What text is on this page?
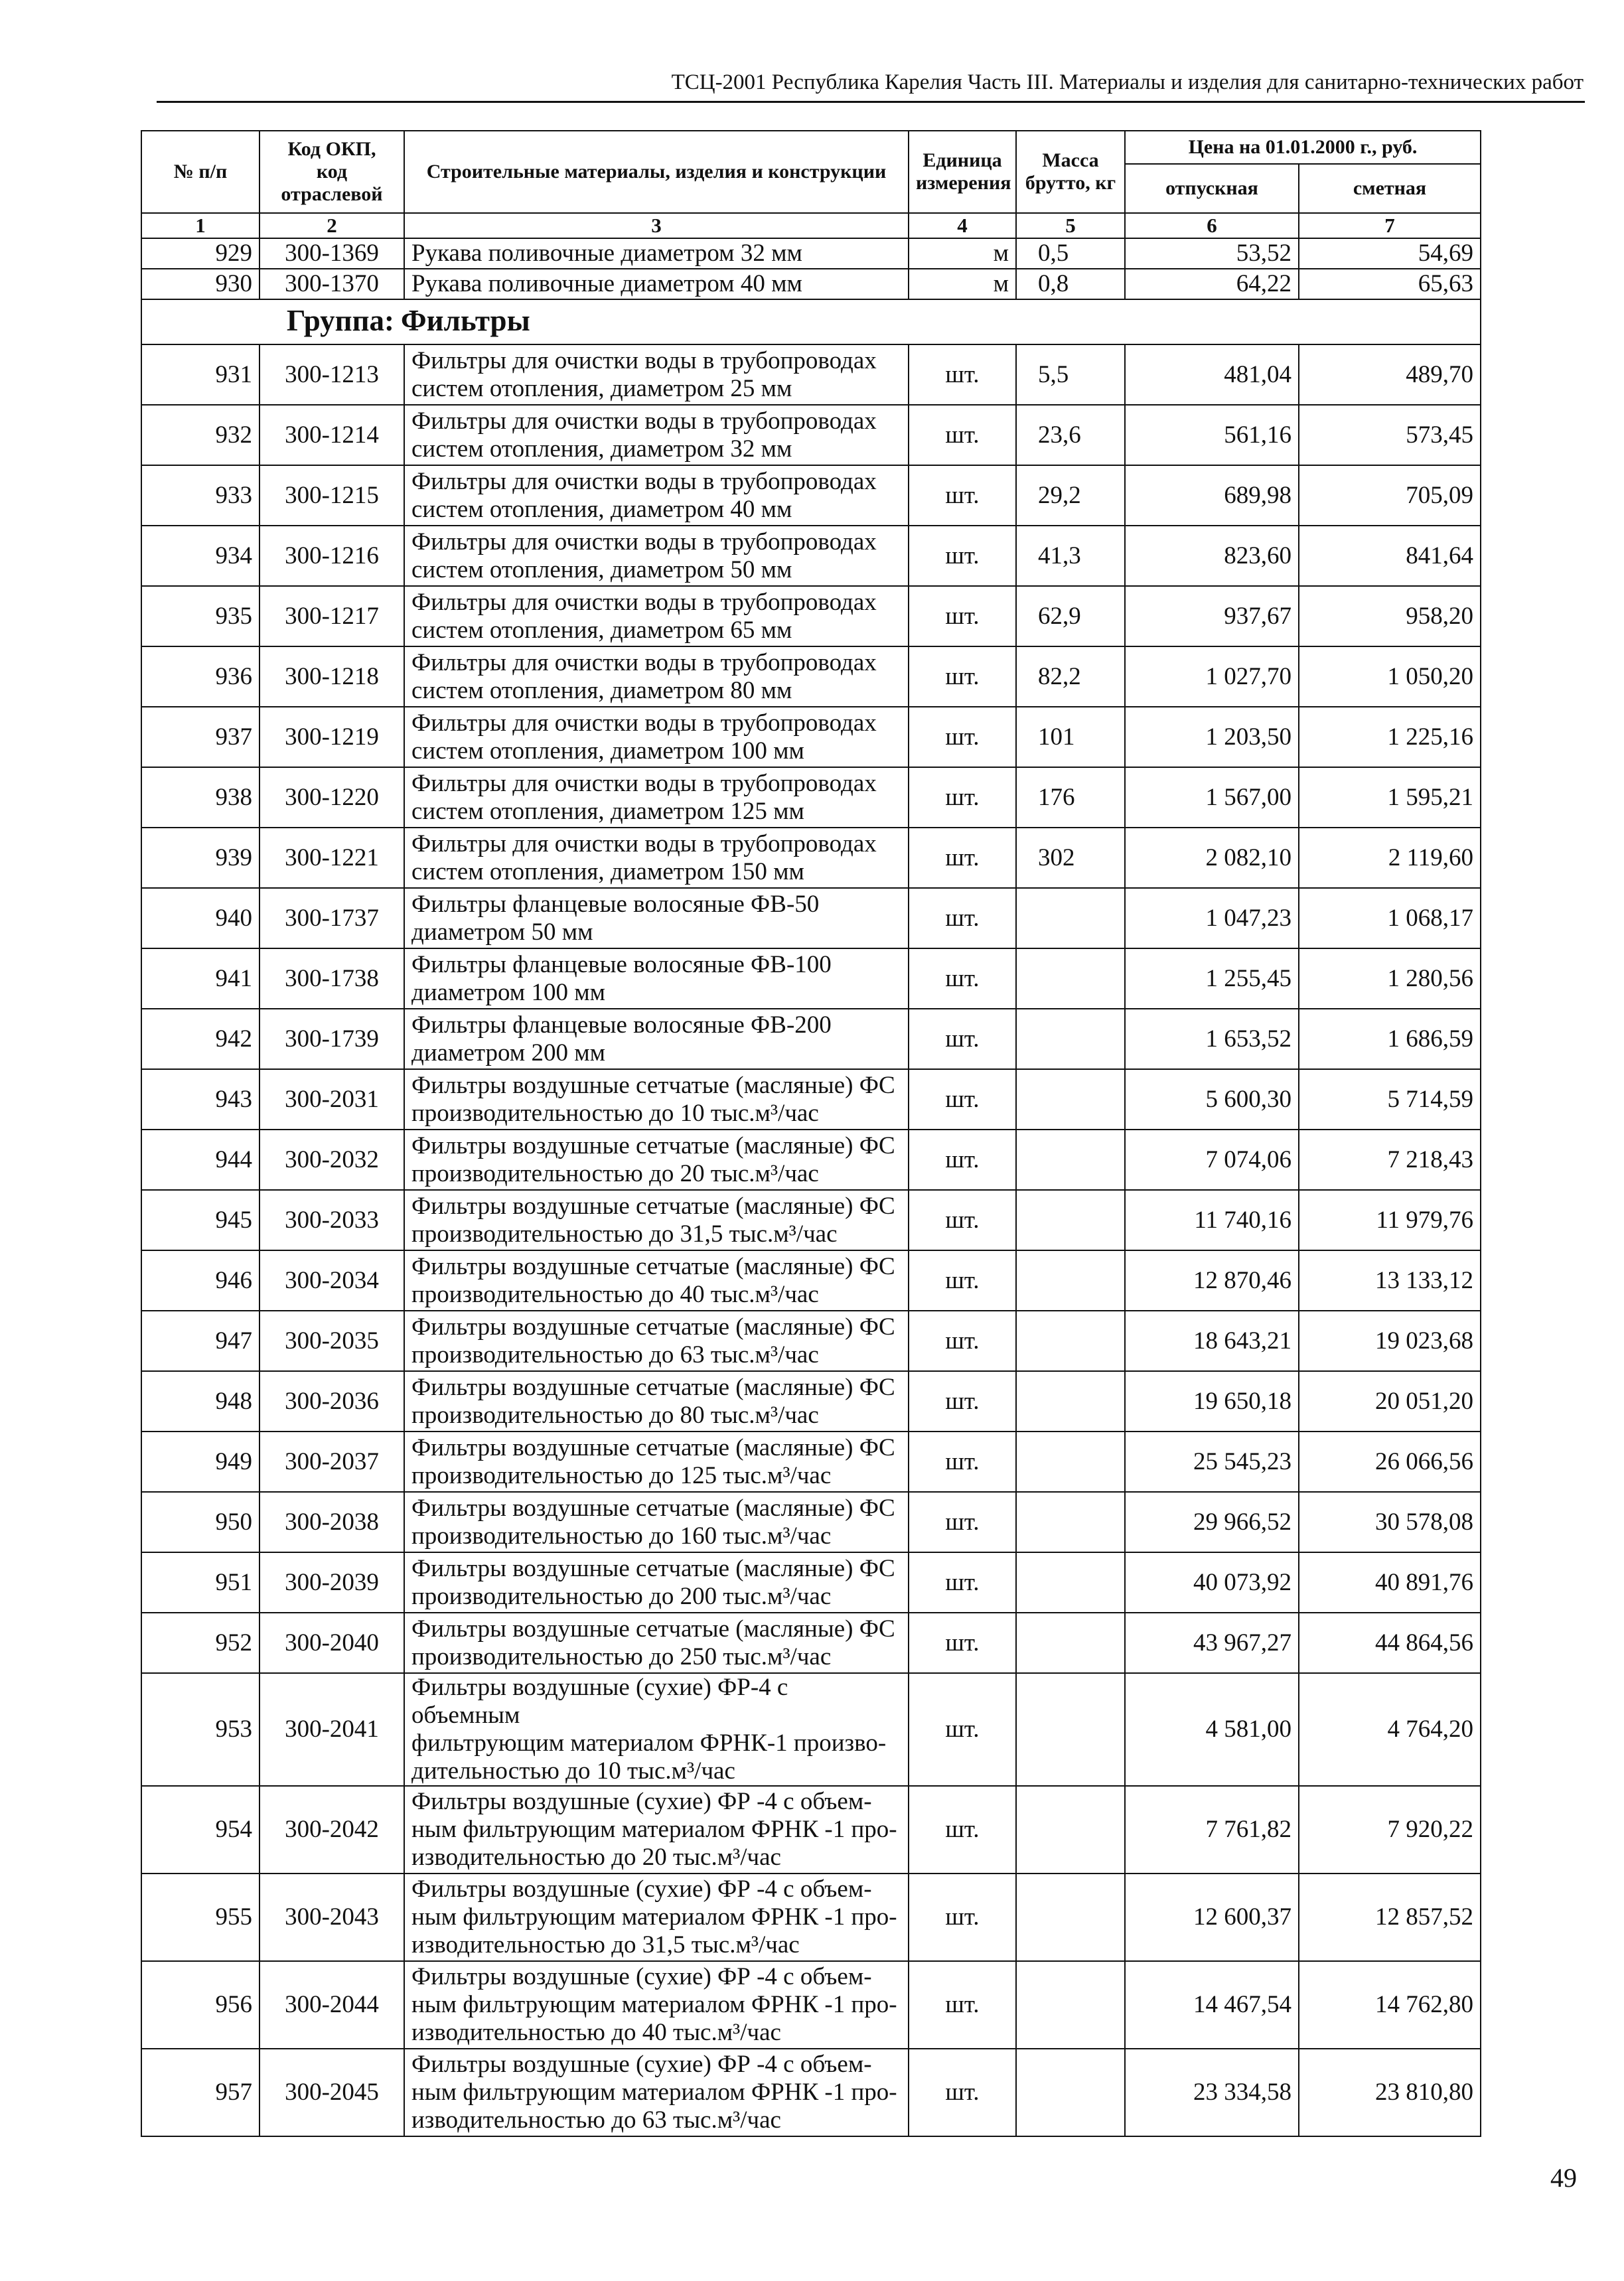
ТСЦ-2001 Республика Карелия Часть III. Материалы и изделия для санитарно-технических работ
№ п/п	Код ОКП,
код
отраслевой	Строительные материалы, изделия и конструкции	Единица измерения	Масса брутто, кг	Цена на 01.01.2000 г., руб.	
					отпускная	сметная
1	2	3	4	5	6	7
929	300-1369	Рукава поливочные диаметром 32 мм	м	0,5	53,52	54,69
930	300-1370	Рукава поливочные диаметром 40 мм	м	0,8	64,22	65,63
Группа: Фильтры						
931	300-1213	Фильтры для очистки воды в трубопроводах
систем отопления, диаметром 25 мм	шт.	5,5	481,04	489,70
932	300-1214	Фильтры для очистки воды в трубопроводах
систем отопления, диаметром 32 мм	шт.	23,6	561,16	573,45
933	300-1215	Фильтры для очистки воды в трубопроводах
систем отопления, диаметром 40 мм	шт.	29,2	689,98	705,09
934	300-1216	Фильтры для очистки воды в трубопроводах
систем отопления, диаметром 50 мм	шт.	41,3	823,60	841,64
935	300-1217	Фильтры для очистки воды в трубопроводах
систем отопления, диаметром 65 мм	шт.	62,9	937,67	958,20
936	300-1218	Фильтры для очистки воды в трубопроводах
систем отопления, диаметром 80 мм	шт.	82,2	1 027,70	1 050,20
937	300-1219	Фильтры для очистки воды в трубопроводах
систем отопления, диаметром 100 мм	шт.	101	1 203,50	1 225,16
938	300-1220	Фильтры для очистки воды в трубопроводах
систем отопления, диаметром 125 мм	шт.	176	1 567,00	1 595,21
939	300-1221	Фильтры для очистки воды в трубопроводах
систем отопления, диаметром 150 мм	шт.	302	2 082,10	2 119,60
940	300-1737	Фильтры фланцевые волосяные ФВ-50
диаметром 50 мм	шт.		1 047,23	1 068,17
941	300-1738	Фильтры фланцевые волосяные ФВ-100
диаметром 100 мм	шт.		1 255,45	1 280,56
942	300-1739	Фильтры фланцевые волосяные ФВ-200
диаметром 200 мм	шт.		1 653,52	1 686,59
943	300-2031	Фильтры воздушные сетчатые (масляные) ФС
производительностью до 10 тыс.м³/час	шт.		5 600,30	5 714,59
944	300-2032	Фильтры воздушные сетчатые (масляные) ФС
производительностью до 20 тыс.м³/час	шт.		7 074,06	7 218,43
945	300-2033	Фильтры воздушные сетчатые (масляные) ФС
производительностью до 31,5 тыс.м³/час	шт.		11 740,16	11 979,76
946	300-2034	Фильтры воздушные сетчатые (масляные) ФС
производительностью до 40 тыс.м³/час	шт.		12 870,46	13 133,12
947	300-2035	Фильтры воздушные сетчатые (масляные) ФС
производительностью до 63 тыс.м³/час	шт.		18 643,21	19 023,68
948	300-2036	Фильтры воздушные сетчатые (масляные) ФС
производительностью до 80 тыс.м³/час	шт.		19 650,18	20 051,20
949	300-2037	Фильтры воздушные сетчатые (масляные) ФС
производительностью до 125 тыс.м³/час	шт.		25 545,23	26 066,56
950	300-2038	Фильтры воздушные сетчатые (масляные) ФС
производительностью до 160 тыс.м³/час	шт.		29 966,52	30 578,08
951	300-2039	Фильтры воздушные сетчатые (масляные) ФС
производительностью до 200 тыс.м³/час	шт.		40 073,92	40 891,76
952	300-2040	Фильтры воздушные сетчатые (масляные) ФС
производительностью до 250 тыс.м³/час	шт.		43 967,27	44 864,56
953	300-2041	Фильтры воздушные (сухие) ФР-4 с объемным
фильтрующим материалом ФРНК-1 произво-
дительностью до 10 тыс.м³/час	шт.		4 581,00	4 764,20
954	300-2042	Фильтры воздушные (сухие) ФР -4 с объем-
ным фильтрующим материалом ФРНК -1 про-
изводительностью до 20 тыс.м³/час	шт.		7 761,82	7 920,22
955	300-2043	Фильтры воздушные (сухие) ФР -4 с объем-
ным фильтрующим материалом ФРНК -1 про-
изводительностью до 31,5 тыс.м³/час	шт.		12 600,37	12 857,52
956	300-2044	Фильтры воздушные (сухие) ФР -4 с объем-
ным фильтрующим материалом ФРНК -1 про-
изводительностью до 40 тыс.м³/час	шт.		14 467,54	14 762,80
957	300-2045	Фильтры воздушные (сухие) ФР -4 с объем-
ным фильтрующим материалом ФРНК -1 про-
изводительностью до 63 тыс.м³/час	шт.		23 334,58	23 810,80
49
